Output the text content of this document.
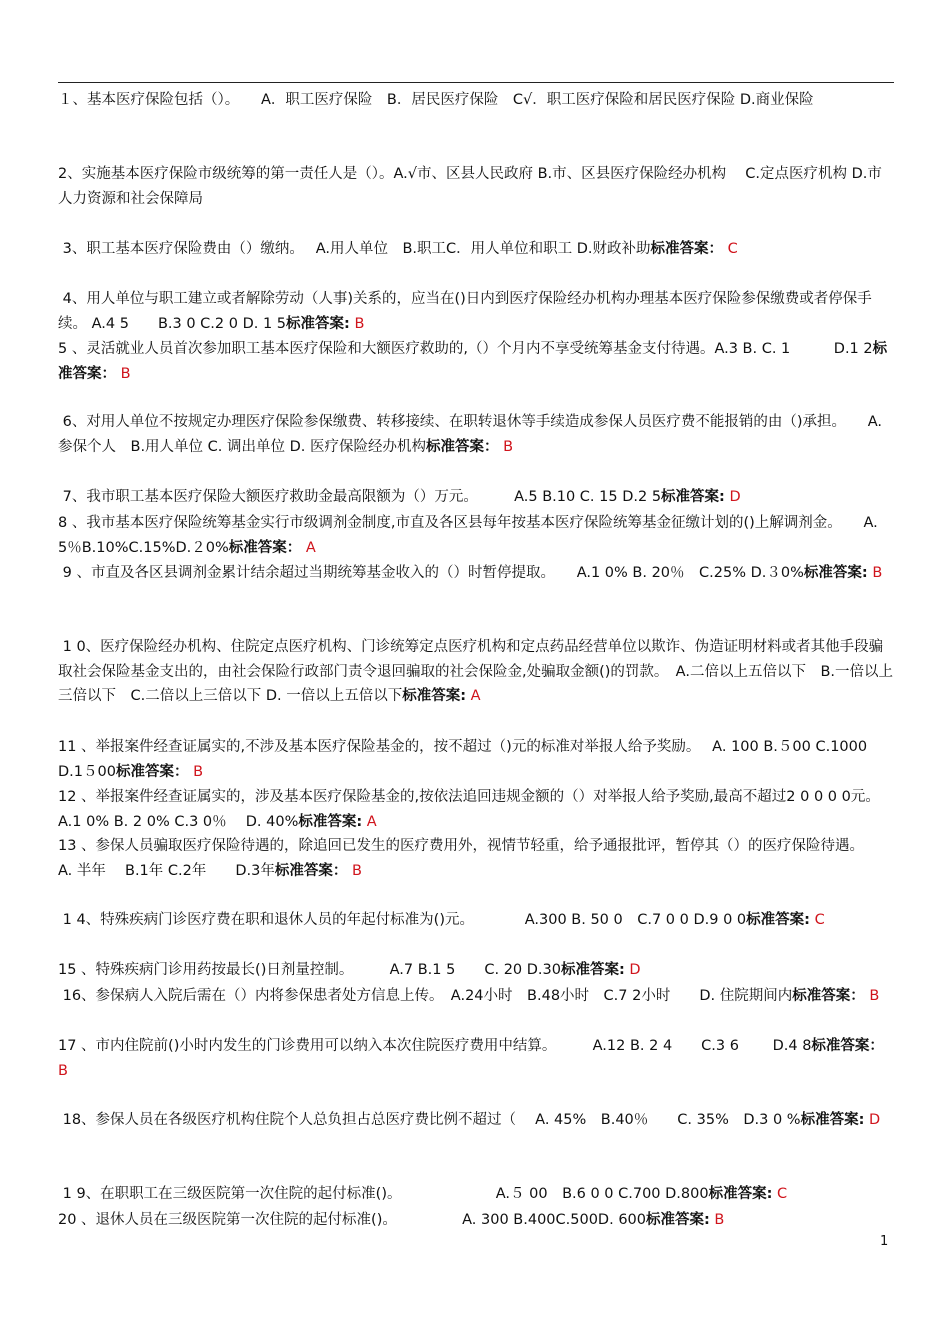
１、基本医疗保险包括（）。　　A．职工医疗保险　B．居民医疗保险　C√．职工医疗保险和居民医疗保险 D.商业保险
2、实施基本医疗保险市级统筹的第一责任人是（）。A.√市、区县人民政府 B.市、区县医疗保险经办机构　 C.定点医疗机构 D.市人力资源和社会保障局
3、职工基本医疗保险费由（）缴纳。　 A.用人单位　B.职工C．用人单位和职工 D.财政补助标准答案： C
4、用人单位与职工建立或者解除劳动（人事)关系的，应当在()日内到医疗保险经办机构办理基本医疗保险参保缴费或者停保手续。 A.4 5　　B.3 0 C.2 0 D. 1 5标准答案: B
5 、灵活就业人员首次参加职工基本医疗保险和大额医疗救助的,（）个月内不享受统筹基金支付待遇。A.3 B. C. 1　　　D.1 2标准答案： B
6、对用人单位不按规定办理医疗保险参保缴费、转移接续、在职转退休等手续造成参保人员医疗费不能报销的由（)承担。　　A.参保个人　B.用人单位 C. 调出单位 D. 医疗保险经办机构标准答案： B
7、我市职工基本医疗保险大额医疗救助金最高限额为（）万元。　　　A.5 B.10 C. 15 D.2 5标准答案: D
8 、我市基本医疗保险统筹基金实行市级调剂金制度,市直及各区县每年按基本医疗保险统筹基金征缴计划的()上解调剂金。　　A. 5％B.10%C.15%D.２0%标准答案： A
9 、市直及各区县调剂金累计结余超过当期统筹基金收入的（）时暂停提取。　　A.1 0% B. 20％　C.25% D.３0%标准答案: B
1 0、医疗保险经办机构、住院定点医疗机构、门诊统筹定点医疗机构和定点药品经营单位以欺诈、伪造证明材料或者其他手段骗取社会保险基金支出的，由社会保险行政部门责令退回骗取的社会保险金,处骗取金额()的罚款。　A.二倍以上五倍以下　B.一倍以上三倍以下　C.二倍以上三倍以下 D. 一倍以上五倍以下标准答案: A
11 、举报案件经查证属实的,不涉及基本医疗保险基金的，按不超过（)元的标准对举报人给予奖励。　 A. 100 B.５00 C.1000 D.1５00标准答案： B
12 、举报案件经查证属实的，涉及基本医疗保险基金的,按依法追回违规金额的（）对举报人给予奖励,最高不超过2 0 0 0 0元。　　A.1 0% B. 2 0% C.3 0％　 D. 40%标准答案: A
13 、参保人员骗取医疗保险待遇的，除追回已发生的医疗费用外，视情节轻重，给予通报批评，暂停其（）的医疗保险待遇。　　A. 半年　 B.1年 C.2年　　D.3年标准答案： B
1 4、特殊疾病门诊医疗费在职和退休人员的年起付标准为()元。　　　　A.300 B. 50 0　C.7 0 0 D.9 0 0标准答案: C
15 、特殊疾病门诊用药按最长()日剂量控制。　　　A.7 B.1 5　　C. 20 D.30标准答案: D
16、参保病人入院后需在（）内将参保患者处方信息上传。　A.24小时　B.48小时　C.7 2小时　　D. 住院期间内标准答案： B
17 、市内住院前()小时内发生的门诊费用可以纳入本次住院医疗费用中结算。　　　A.12 B. 2 4　　C.3 6　　 D.4 8标准答案： B
18、参保人员在各级医疗机构住院个人总负担占总医疗费比例不超过（　 A. 45%　B.40％　　C. 35%　D.3 0 %标准答案: D
1 9、在职职工在三级医院第一次住院的起付标准()。　　　　　　　A.５ 00　B.6 0 0 C.700 D.800标准答案: C
20 、退休人员在三级医院第一次住院的起付标准()。　　　　　A. 300 B.400C.500D. 600标准答案: B
1
